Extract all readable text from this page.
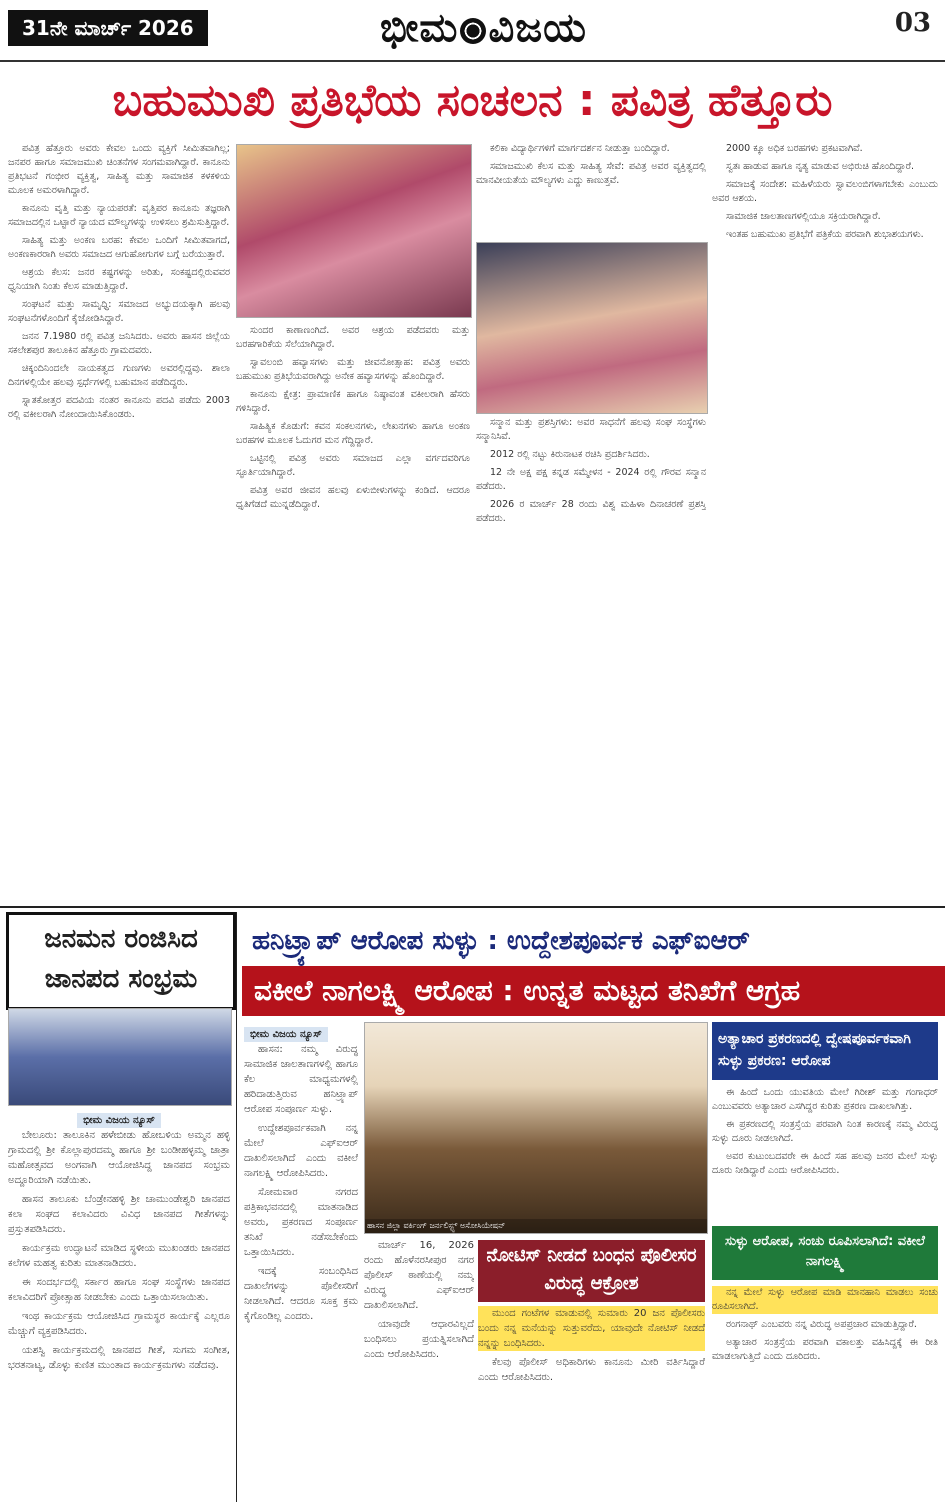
31ನೇ ಮಾರ್ಚ್ 2026	ಭೀಮ ವಿಜಯ	03
ಬಹುಮುಖಿ ಪ್ರತಿಭೆಯ ಸಂಚಲನ : ಪವಿತ್ರ ಹೆತ್ತೂರು

ಪವಿತ್ರ ಹೆತ್ತೂರು ಅವರು ಕೇವಲ ಒಂದು ವ್ಯಕ್ತಿಗೆ ಸೀಮಿತವಾಗಿಲ್ಲ; ಜನಪರ ಹಾಗೂ ಸಮಾಜಮುಖಿ ಚಿಂತನೆಗಳ ಸಂಗಮವಾಗಿದ್ದಾರೆ. ಕಾನೂನು ಪ್ರತಿಭಟನೆ ಗಂಭೀರ ವ್ಯಕ್ತಿತ್ವ, ಸಾಹಿತ್ಯ ಮತ್ತು ಸಾಮಾಜಿಕ ಕಳಕಳಿಯ ಮೂಲಕ ಅಮರಳಾಗಿದ್ದಾರೆ.

ಕಾನೂನು ವೃತ್ತಿ ಮತ್ತು ನ್ಯಾಯಪರತೆ: ವೃತ್ತಿಪರ ಕಾನೂನು ತಜ್ಞರಾಗಿ ಸಮಾಜದಲ್ಲಿನ ಒಟ್ಟಾರೆ ನ್ಯಾಯದ ಮೌಲ್ಯಗಳನ್ನು ಉಳಿಸಲು ಶ್ರಮಿಸುತ್ತಿದ್ದಾರೆ.

ಸಾಹಿತ್ಯ ಮತ್ತು ಅಂಕಣ ಬರಹ: ಕೇವಲ ಒಂದಿಗೆ ಸೀಮಿತವಾಗದೆ, ಅಂಕಣಕಾರರಾಗಿ ಅವರು ಸಮಾಜದ ಆಗುಹೋಗುಗಳ ಬಗ್ಗೆ ಬರೆಯುತ್ತಾರೆ.

ಆಶ್ರಯ ಕೆಲಸ: ಜನರ ಕಷ್ಟಗಳನ್ನು ಅರಿತು, ಸಂಕಷ್ಟದಲ್ಲಿರುವವರ ಧ್ವನಿಯಾಗಿ ನಿಂತು ಕೆಲಸ ಮಾಡುತ್ತಿದ್ದಾರೆ.

ಸಂಘಟನೆ ಮತ್ತು ಸಾಮೃಧ್ಧಿ: ಸಮಾಜದ ಅಭ್ಯುದಯಕ್ಕಾಗಿ ಹಲವು ಸಂಘಟನೆಗಳೊಂದಿಗೆ ಕೈಜೋಡಿಸಿದ್ದಾರೆ.

ಜನನ 7.1980 ರಲ್ಲಿ ಪವಿತ್ರ ಜನಿಸಿದರು. ಅವರು ಹಾಸನ ಜಿಲ್ಲೆಯ ಸಕಲೇಶಪುರ ತಾಲೂಕಿನ ಹೆತ್ತೂರು ಗ್ರಾಮದವರು.

ಚಿಕ್ಕಂದಿನಿಂದಲೇ ನಾಯಕತ್ವದ ಗುಣಗಳು ಅವರಲ್ಲಿದ್ದವು. ಶಾಲಾ ದಿನಗಳಲ್ಲಿಯೇ ಹಲವು ಸ್ಪರ್ಧೆಗಳಲ್ಲಿ ಬಹುಮಾನ ಪಡೆದಿದ್ದರು.

ಸ್ನಾತಕೋತ್ತರ ಪದವಿಯ ನಂತರ ಕಾನೂನು ಪದವಿ ಪಡೆದು 2003 ರಲ್ಲಿ ವಕೀಲರಾಗಿ ನೋಂದಾಯಿಸಿಕೊಂಡರು.

ಸುಂದರ ಕಾಣಾಣಂಗಿದೆ. ಅವರ ಆಶ್ರಯ ಪಡೆದವರು ಮತ್ತು ಬರಹಗಾರಿಕೆಯ ಸೆಲೆಯಾಗಿದ್ದಾರೆ.

ಸ್ವಾವಲಂಬಿ ಹವ್ಯಾಸಗಳು ಮತ್ತು ಜೀವನೋತ್ಸಾಹ: ಪವಿತ್ರ ಅವರು ಬಹುಮುಖ ಪ್ರತಿಭೆಯವರಾಗಿದ್ದು ಅನೇಕ ಹವ್ಯಾಸಗಳನ್ನು ಹೊಂದಿದ್ದಾರೆ.

ಕಾನೂನು ಕ್ಷೇತ್ರ: ಪ್ರಾಮಾಣಿಕ ಹಾಗೂ ನಿಷ್ಠಾವಂತ ವಕೀಲರಾಗಿ ಹೆಸರು ಗಳಿಸಿದ್ದಾರೆ.

ಸಾಹಿತ್ಯಿಕ ಕೊಡುಗೆ: ಕವನ ಸಂಕಲನಗಳು, ಲೇಖನಗಳು ಹಾಗೂ ಅಂಕಣ ಬರಹಗಳ ಮೂಲಕ ಓದುಗರ ಮನ ಗೆದ್ದಿದ್ದಾರೆ.

ಒಟ್ಟಿನಲ್ಲಿ ಪವಿತ್ರ ಅವರು ಸಮಾಜದ ಎಲ್ಲಾ ವರ್ಗದವರಿಗೂ ಸ್ಫೂರ್ತಿಯಾಗಿದ್ದಾರೆ.

ಪವಿತ್ರ ಅವರ ಜೀವನ ಹಲವು ಏಳುಬೀಳುಗಳನ್ನು ಕಂಡಿದೆ. ಆದರೂ ಧೃತಿಗೆಡದೆ ಮುನ್ನಡೆದಿದ್ದಾರೆ.

ಕಲಿಕಾ ವಿದ್ಯಾರ್ಥಿಗಳಿಗೆ ಮಾರ್ಗದರ್ಶನ ನೀಡುತ್ತಾ ಬಂದಿದ್ದಾರೆ.

ಸಮಾಜಮುಖಿ ಕೆಲಸ ಮತ್ತು ಸಾಹಿತ್ಯ ಸೇವೆ: ಪವಿತ್ರ ಅವರ ವ್ಯಕ್ತಿತ್ವದಲ್ಲಿ ಮಾನವೀಯತೆಯ ಮೌಲ್ಯಗಳು ಎದ್ದು ಕಾಣುತ್ತವೆ.

ಸನ್ಮಾನ ಮತ್ತು ಪ್ರಶಸ್ತಿಗಳು: ಅವರ ಸಾಧನೆಗೆ ಹಲವು ಸಂಘ ಸಂಸ್ಥೆಗಳು ಸನ್ಮಾನಿಸಿವೆ.

2012 ರಲ್ಲಿ ನಟ್ಟು ಕಿರುನಾಟಕ ರಚಿಸಿ ಪ್ರದರ್ಶಿಸಿದರು.

12 ನೇ ಅಕ್ಷ ಪಕ್ಷ ಕನ್ನಡ ಸಮ್ಮೇಳನ - 2024 ರಲ್ಲಿ ಗೌರವ ಸನ್ಮಾನ ಪಡೆದರು.

2026 ರ ಮಾರ್ಚ್ 28 ರಂದು ವಿಶ್ವ ಮಹಿಳಾ ದಿನಾಚರಣೆ ಪ್ರಶಸ್ತಿ ಪಡೆದರು.

2000 ಕ್ಕೂ ಅಧಿಕ ಬರಹಗಳು ಪ್ರಕಟವಾಗಿವೆ.

ಸ್ವತಃ ಹಾಡುವ ಹಾಗೂ ನೃತ್ಯ ಮಾಡುವ ಅಭಿರುಚಿ ಹೊಂದಿದ್ದಾರೆ.

ಸಮಾಜಕ್ಕೆ ಸಂದೇಶ: ಮಹಿಳೆಯರು ಸ್ವಾವಲಂಬಿಗಳಾಗಬೇಕು ಎಂಬುದು ಅವರ ಆಶಯ.

ಸಾಮಾಜಿಕ ಜಾಲತಾಣಗಳಲ್ಲಿಯೂ ಸಕ್ರಿಯರಾಗಿದ್ದಾರೆ.

ಇಂತಹ ಬಹುಮುಖ ಪ್ರತಿಭೆಗೆ ಪತ್ರಿಕೆಯ ಪರವಾಗಿ ಶುಭಾಶಯಗಳು.

ಜನಮನ ರಂಜಿಸಿದ ಜಾನಪದ ಸಂಭ್ರಮ
ಭೀಮ ವಿಜಯ ನ್ಯೂಸ್

ಬೇಲೂರು: ತಾಲೂಕಿನ ಹಳೇಬೀಡು ಹೋಬಳಿಯ ಅಮ್ಮನ ಹಳ್ಳಿ ಗ್ರಾಮದಲ್ಲಿ ಶ್ರೀ ಕೊಲ್ಲಾಪುರದಮ್ಮ ಹಾಗೂ ಶ್ರೀ ಬಂಡೀಹಳ್ಳಮ್ಮ ಜಾತ್ರಾ ಮಹೋತ್ಸವದ ಅಂಗವಾಗಿ ಆಯೋಜಿಸಿದ್ದ ಜಾನಪದ ಸಂಭ್ರಮ ಅದ್ದೂರಿಯಾಗಿ ನಡೆಯಿತು.

ಹಾಸನ ತಾಲೂಕು ಬೆಂಡ್ರೇನಹಳ್ಳಿ ಶ್ರೀ ಚಾಮುಂಡೇಶ್ವರಿ ಜಾನಪದ ಕಲಾ ಸಂಘದ ಕಲಾವಿದರು ವಿವಿಧ ಜಾನಪದ ಗೀತೆಗಳನ್ನು ಪ್ರಸ್ತುತಪಡಿಸಿದರು.

ಕಾರ್ಯಕ್ರಮ ಉದ್ಘಾಟನೆ ಮಾಡಿದ ಸ್ಥಳೀಯ ಮುಖಂಡರು ಜಾನಪದ ಕಲೆಗಳ ಮಹತ್ವ ಕುರಿತು ಮಾತನಾಡಿದರು.

ಈ ಸಂದರ್ಭದಲ್ಲಿ ಸರ್ಕಾರ ಹಾಗೂ ಸಂಘ ಸಂಸ್ಥೆಗಳು ಜಾನಪದ ಕಲಾವಿದರಿಗೆ ಪ್ರೋತ್ಸಾಹ ನೀಡಬೇಕು ಎಂದು ಒತ್ತಾಯಿಸಲಾಯಿತು.

ಇಂಥ ಕಾರ್ಯಕ್ರಮ ಆಯೋಜಿಸಿದ ಗ್ರಾಮಸ್ಥರ ಕಾರ್ಯಕ್ಕೆ ಎಲ್ಲರೂ ಮೆಚ್ಚುಗೆ ವ್ಯಕ್ತಪಡಿಸಿದರು.

ಯಶಸ್ವಿ ಕಾರ್ಯಕ್ರಮದಲ್ಲಿ ಜಾನಪದ ಗೀತೆ, ಸುಗಮ ಸಂಗೀತ, ಭರತನಾಟ್ಯ, ಡೊಳ್ಳು ಕುಣಿತ ಮುಂತಾದ ಕಾರ್ಯಕ್ರಮಗಳು ನಡೆದವು.

ಹನಿಟ್ರ್ಯಾಪ್ ಆರೋಪ ಸುಳ್ಳು : ಉದ್ದೇಶಪೂರ್ವಕ ಎಫ್‌ಐಆರ್
ವಕೀಲೆ ನಾಗಲಕ್ಷ್ಮಿ ಆರೋಪ : ಉನ್ನತ ಮಟ್ಟದ ತನಿಖೆಗೆ ಆಗ್ರಹ
ಭೀಮ ವಿಜಯ ನ್ಯೂಸ್

ಹಾಸನ: ನಮ್ಮ ವಿರುದ್ಧ ಸಾಮಾಜಿಕ ಜಾಲತಾಣಗಳಲ್ಲಿ ಹಾಗೂ ಕೆಲ ಮಾಧ್ಯಮಗಳಲ್ಲಿ ಹರಿದಾಡುತ್ತಿರುವ ಹನಿಟ್ರ್ಯಾಪ್ ಆರೋಪ ಸಂಪೂರ್ಣ ಸುಳ್ಳು.

ಉದ್ದೇಶಪೂರ್ವಕವಾಗಿ ನನ್ನ ಮೇಲೆ ಎಫ್‌ಐಆರ್ ದಾಖಲಿಸಲಾಗಿದೆ ಎಂದು ವಕೀಲೆ ನಾಗಲಕ್ಷ್ಮಿ ಆರೋಪಿಸಿದರು.

ಸೋಮವಾರ ನಗರದ ಪತ್ರಿಕಾಭವನದಲ್ಲಿ ಮಾತನಾಡಿದ ಅವರು, ಪ್ರಕರಣದ ಸಂಪೂರ್ಣ ತನಿಖೆ ನಡೆಸಬೇಕೆಂದು ಒತ್ತಾಯಿಸಿದರು.

ಇದಕ್ಕೆ ಸಂಬಂಧಿಸಿದ ದಾಖಲೆಗಳನ್ನು ಪೊಲೀಸರಿಗೆ ನೀಡಲಾಗಿದೆ. ಆದರೂ ಸೂಕ್ತ ಕ್ರಮ ಕೈಗೊಂಡಿಲ್ಲ ಎಂದರು.

ಹಾಸನ ಜಿಲ್ಲಾ ವರ್ಕಿಂಗ್ ಜರ್ನಲಿಸ್ಟ್ಸ್ ಅಸೋಸಿಯೇಷನ್

ಮಾರ್ಚ್ 16, 2026 ರಂದು ಹೊಳೆನರಸೀಪುರ ನಗರ ಪೊಲೀಸ್ ಠಾಣೆಯಲ್ಲಿ ನಮ್ಮ ವಿರುದ್ಧ ಎಫ್‌ಐಆರ್ ದಾಖಲಿಸಲಾಗಿದೆ.

ಯಾವುದೇ ಆಧಾರವಿಲ್ಲದೆ ಬಂಧಿಸಲು ಪ್ರಯತ್ನಿಸಲಾಗಿದೆ ಎಂದು ಆರೋಪಿಸಿದರು.

ನೋಟಿಸ್ ನೀಡದೆ ಬಂಧನ ಪೊಲೀಸರ ವಿರುದ್ಧ ಆಕ್ರೋಶ

ಮುಂದ ಗಂಟೆಗಳ ಮಾಡುವಲ್ಲಿ ಸುಮಾರು 20 ಜನ ಪೊಲೀಸರು ಬಂದು ನನ್ನ ಮನೆಯನ್ನು ಸುತ್ತುವರೆದು, ಯಾವುದೇ ನೋಟಿಸ್ ನೀಡದೆ ನನ್ನನ್ನು ಬಂಧಿಸಿದರು.

ಕೆಲವು ಪೊಲೀಸ್ ಅಧಿಕಾರಿಗಳು ಕಾನೂನು ಮೀರಿ ವರ್ತಿಸಿದ್ದಾರೆ ಎಂದು ಆರೋಪಿಸಿದರು.

ಅತ್ಯಾಚಾರ ಪ್ರಕರಣದಲ್ಲಿ ದ್ವೇಷಪೂರ್ವಕವಾಗಿ ಸುಳ್ಳು ಪ್ರಕರಣ: ಆರೋಪ

ಈ ಹಿಂದೆ ಒಂದು ಯುವತಿಯ ಮೇಲೆ ಗಿರೀಶ್ ಮತ್ತು ಗಂಗಾಧರ್ ಎಂಬುವವರು ಅತ್ಯಾಚಾರ ಎಸಗಿದ್ದರ ಕುರಿತು ಪ್ರಕರಣ ದಾಖಲಾಗಿತ್ತು.

ಈ ಪ್ರಕರಣದಲ್ಲಿ ಸಂತ್ರಸ್ತೆಯ ಪರವಾಗಿ ನಿಂತ ಕಾರಣಕ್ಕೆ ನಮ್ಮ ವಿರುದ್ಧ ಸುಳ್ಳು ದೂರು ನೀಡಲಾಗಿದೆ.

ಅವರ ಕುಟುಂಬದವರೇ ಈ ಹಿಂದೆ ಸಹ ಹಲವು ಜನರ ಮೇಲೆ ಸುಳ್ಳು ದೂರು ನೀಡಿದ್ದಾರೆ ಎಂದು ಆರೋಪಿಸಿದರು.

ಸುಳ್ಳು ಆರೋಪ, ಸಂಚು ರೂಪಿಸಲಾಗಿದೆ: ವಕೀಲೆ ನಾಗಲಕ್ಷ್ಮಿ

ನನ್ನ ಮೇಲೆ ಸುಳ್ಳು ಆರೋಪ ಮಾಡಿ ಮಾನಹಾನಿ ಮಾಡಲು ಸಂಚು ರೂಪಿಸಲಾಗಿದೆ.

ರಂಗನಾಥ್ ಎಂಬವರು ನನ್ನ ವಿರುದ್ಧ ಅಪಪ್ರಚಾರ ಮಾಡುತ್ತಿದ್ದಾರೆ.

ಅತ್ಯಾಚಾರ ಸಂತ್ರಸ್ತೆಯ ಪರವಾಗಿ ವಕಾಲತ್ತು ವಹಿಸಿದ್ದಕ್ಕೆ ಈ ರೀತಿ ಮಾಡಲಾಗುತ್ತಿದೆ ಎಂದು ದೂರಿದರು.
